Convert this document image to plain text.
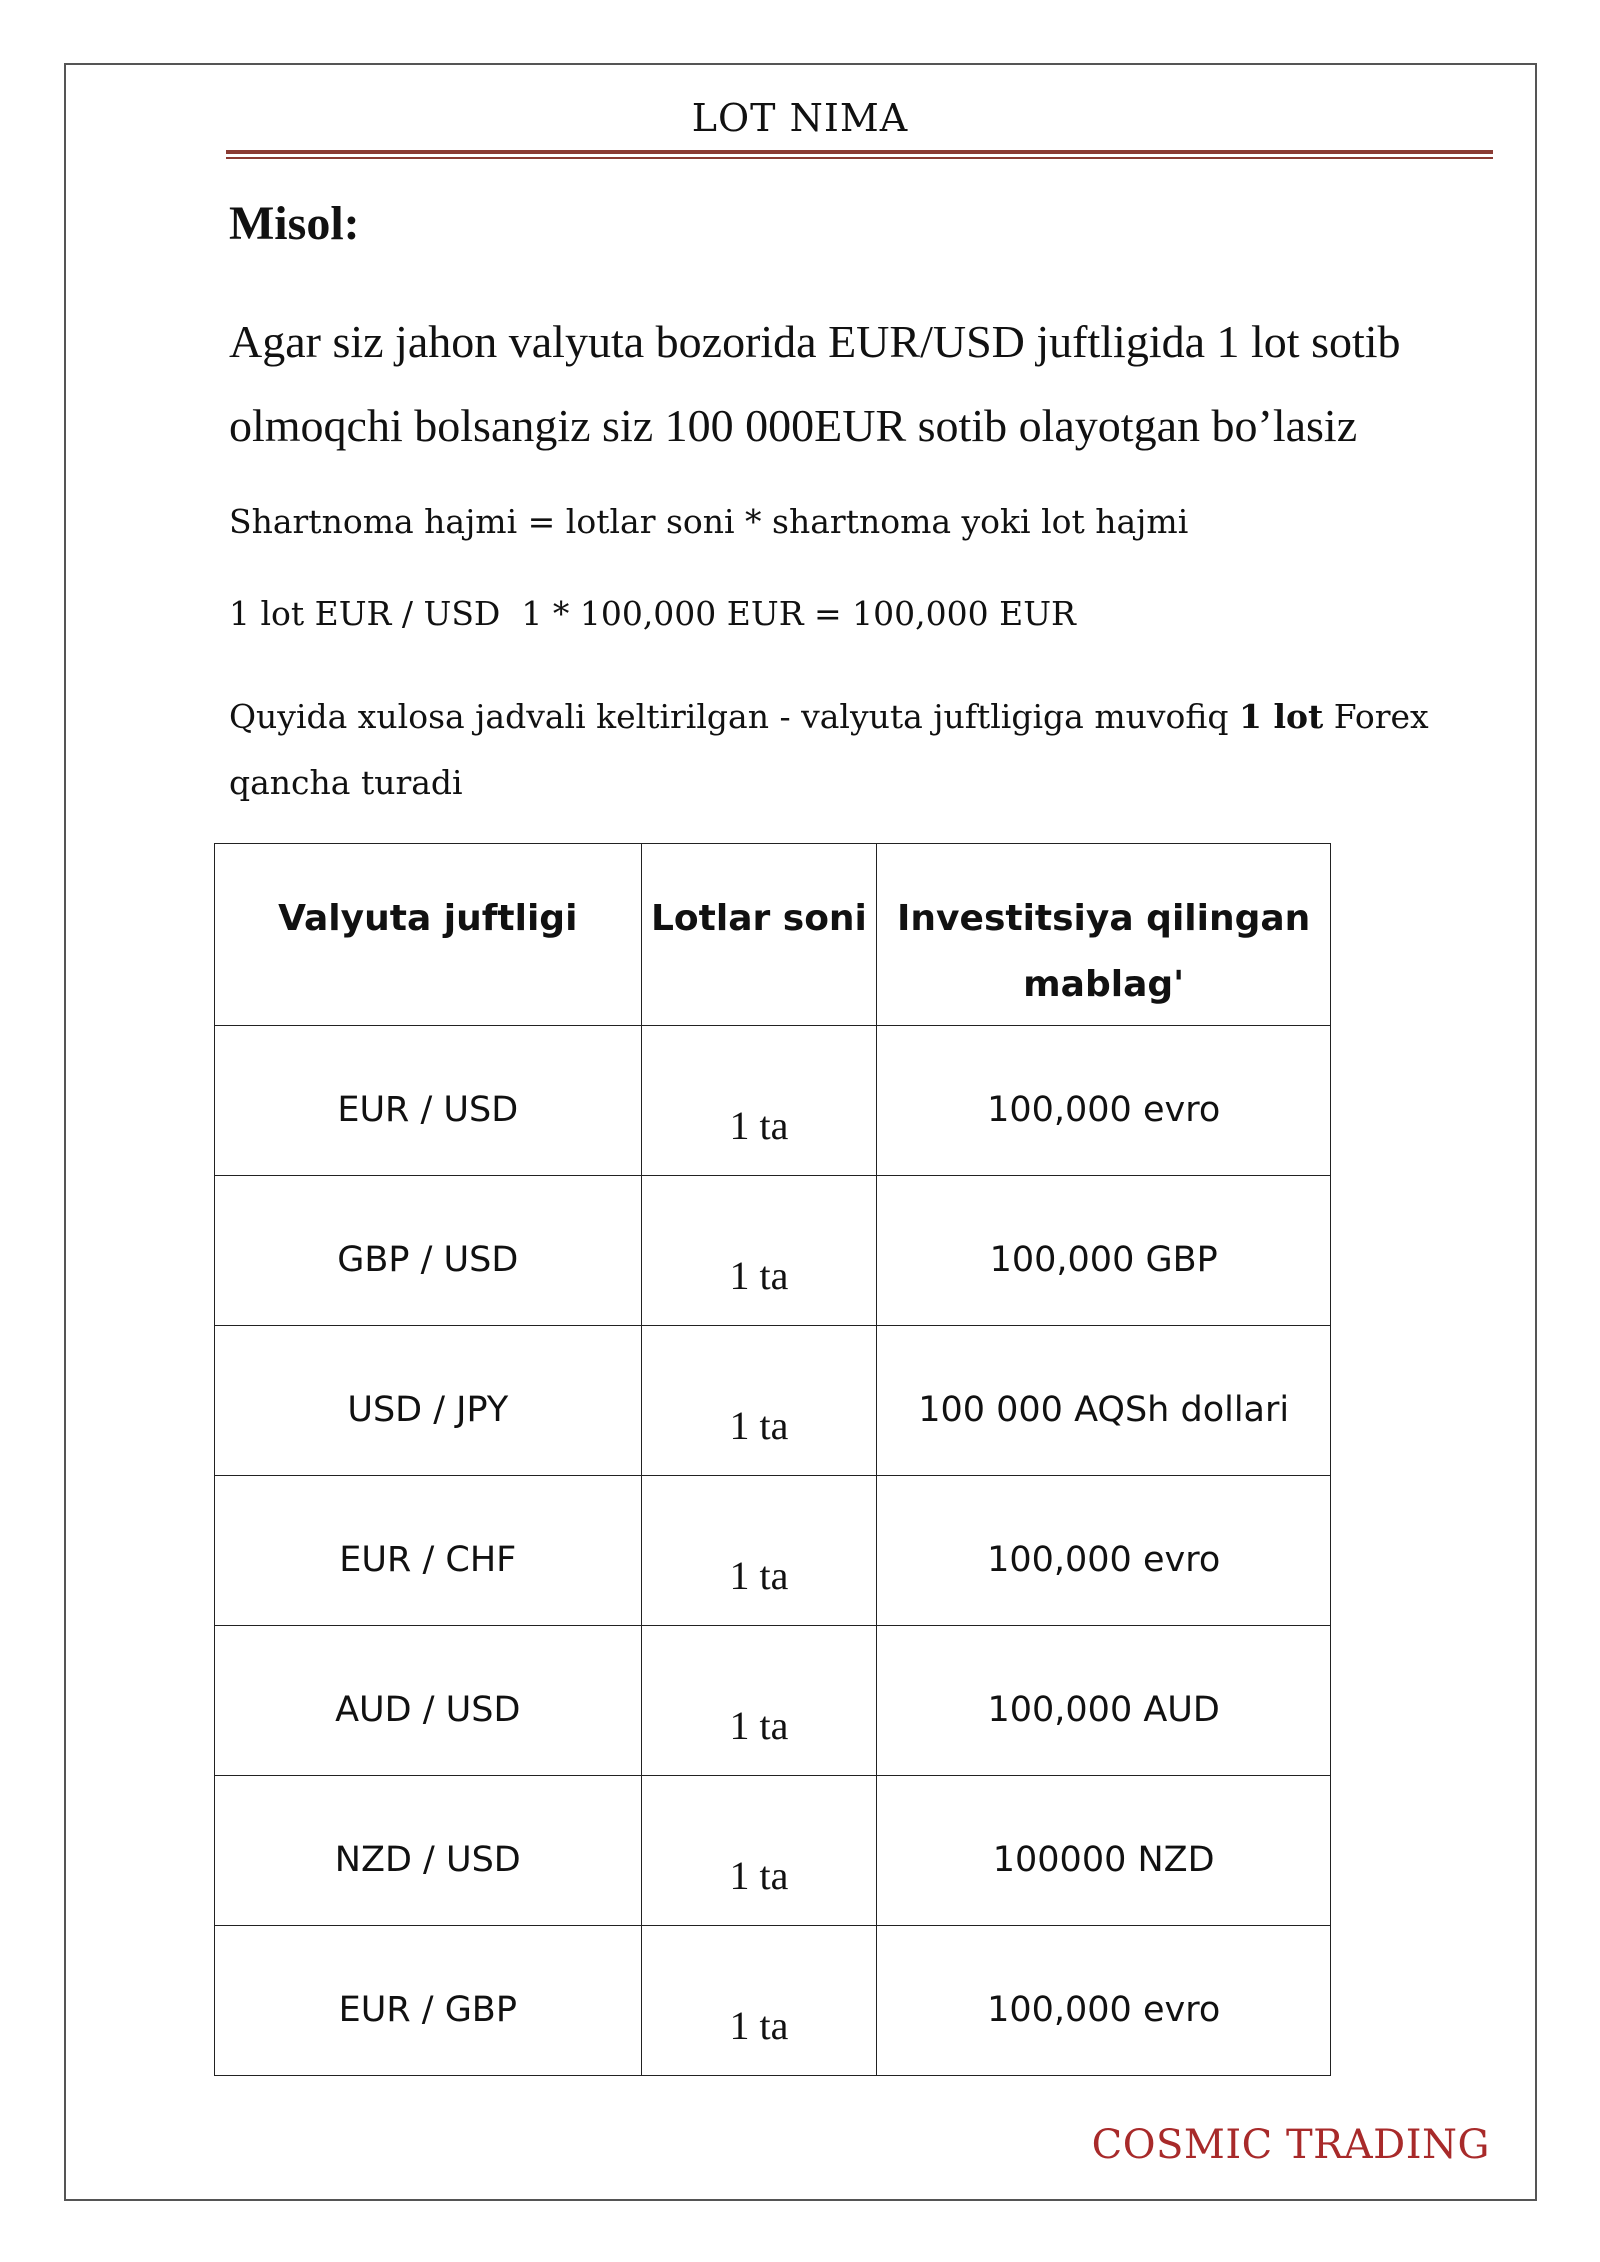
LOT NIMA
Misol:
Agar siz jahon valyuta bozorida EUR/USD juftligida 1 lot sotib olmoqchi bolsangiz siz 100 000EUR sotib olayotgan bo’lasiz
Shartnoma hajmi = lotlar soni * shartnoma yoki lot hajmi
1 lot EUR / USD  1 * 100,000 EUR = 100,000 EUR
Quyida xulosa jadvali keltirilgan - valyuta juftligiga muvofiq 1 lot Forex qancha turadi
Valyuta juftligi	Lotlar soni	Investitsiya qilingan mablag'
EUR / USD	1 ta	100,000 evro
GBP / USD	1 ta	100,000 GBP
USD / JPY	1 ta	100 000 AQSh dollari
EUR / CHF	1 ta	100,000 evro
AUD / USD	1 ta	100,000 AUD
NZD / USD	1 ta	100000 NZD
EUR / GBP	1 ta	100,000 evro
COSMIC TRADING
